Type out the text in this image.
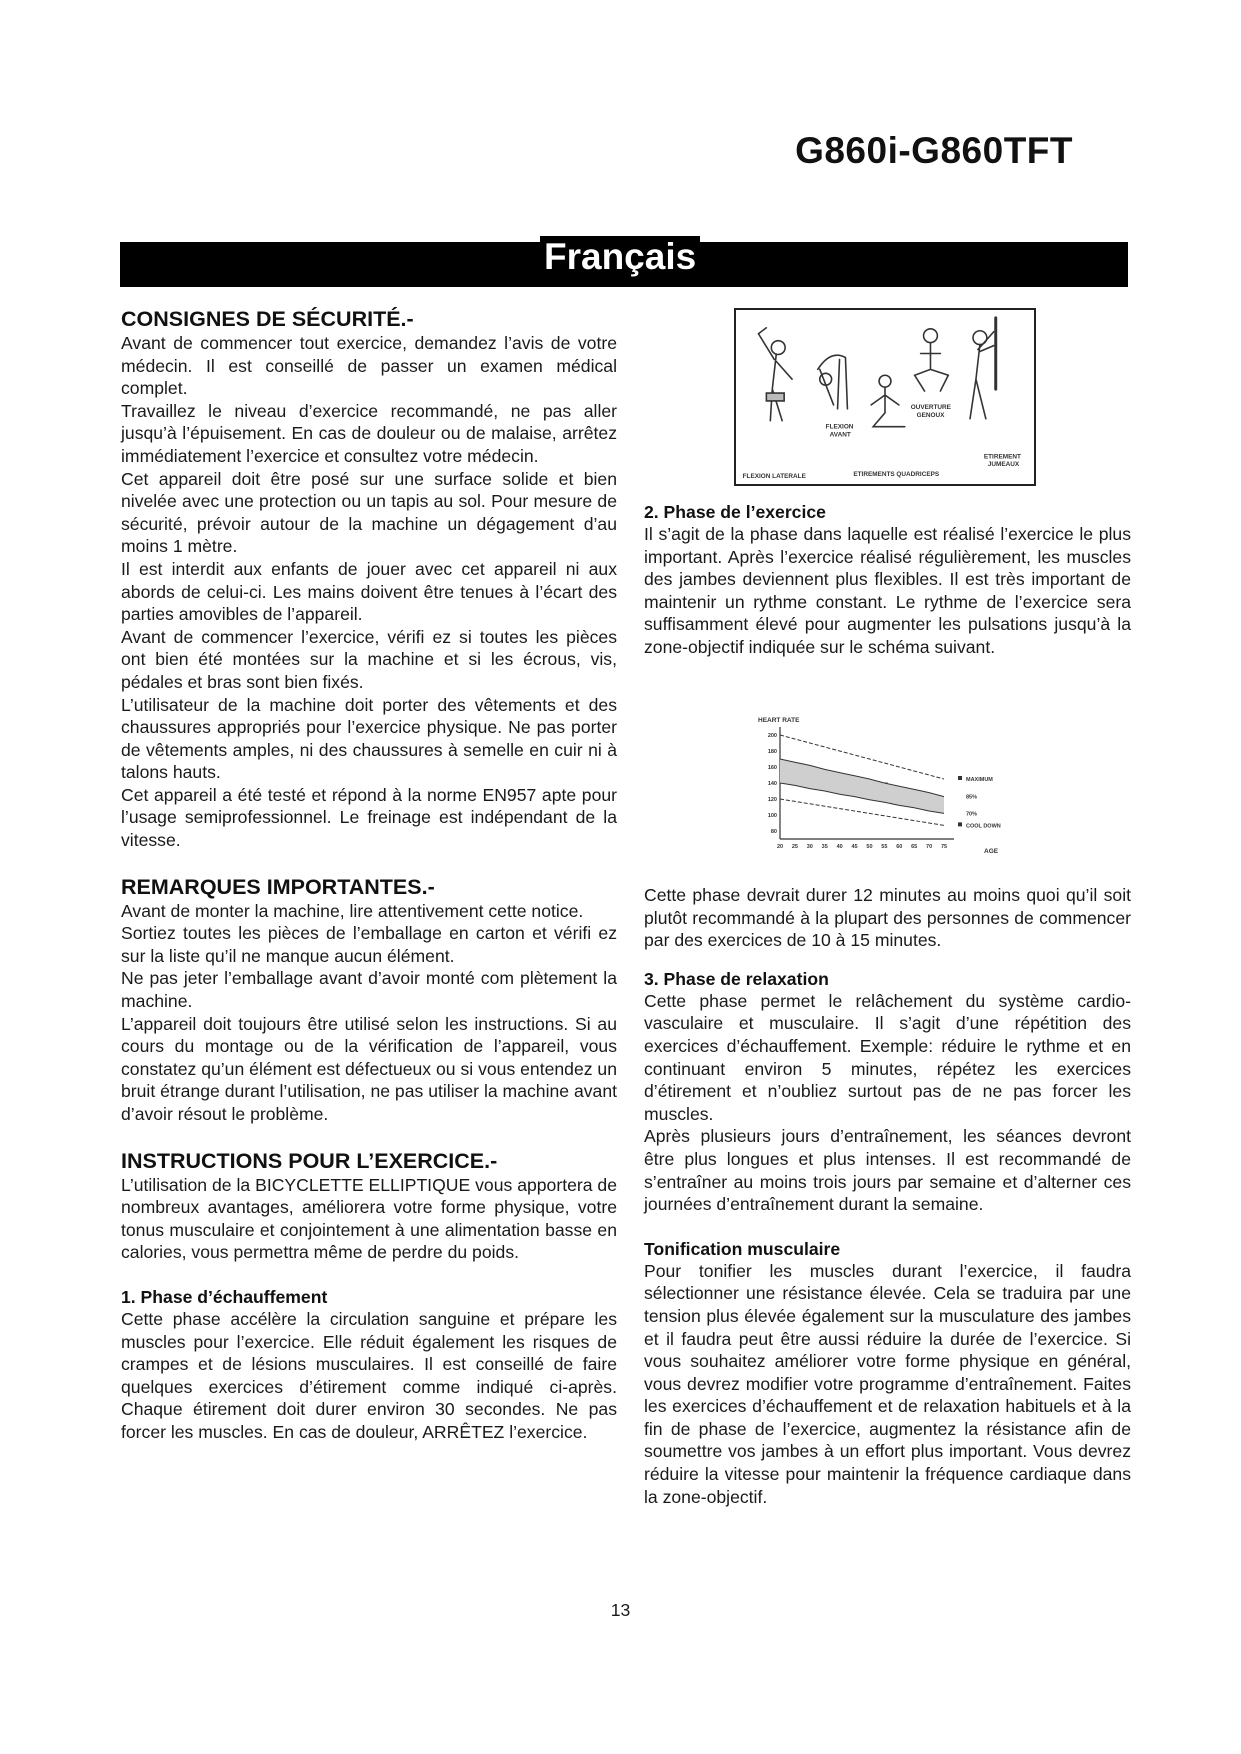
G860i-G860TFT
Français
CONSIGNES DE SÉCURITÉ.-

Avant de commencer tout exercice, demandez l’avis de votre médecin. Il est conseillé de passer un examen médical complet.

Travaillez le niveau d’exercice recommandé, ne pas aller jusqu’à l’épuisement. En cas de douleur ou de malaise, arrêtez immédiatement l’exercice et consultez votre médecin.

Cet appareil doit être posé sur une surface solide et bien nivelée avec une protection ou un tapis au sol. Pour mesure de sécurité, prévoir autour de la machine un dégagement d’au moins 1 mètre.

Il est interdit aux enfants de jouer avec cet appareil ni aux abords de celui-ci. Les mains doivent être tenues à l’écart des parties amovibles de l’appareil.

Avant de commencer l’exercice, vérifi ez si toutes les pièces ont bien été montées sur la machine et si les écrous, vis, pédales et bras sont bien fixés.

L’utilisateur de la machine doit porter des vêtements et des chaussures appropriés pour l’exercice physique. Ne pas porter de vêtements amples, ni des chaussures à semelle en cuir ni à talons hauts.

Cet appareil a été testé et répond à la norme EN957 apte pour l’usage semiprofessionnel. Le freinage est indépendant de la vitesse.

REMARQUES IMPORTANTES.-

Avant de monter la machine, lire attentivement cette notice.

Sortiez toutes les pièces de l’emballage en carton et vérifi ez sur la liste qu’il ne manque aucun élément.

Ne pas jeter l’emballage avant d’avoir monté com plètement la machine.

L’appareil doit toujours être utilisé selon les instructions. Si au cours du montage ou de la vérification de l’appareil, vous constatez qu’un élément est défectueux ou si vous entendez un bruit étrange durant l’utilisation, ne pas utiliser la machine avant d’avoir résout le problème.

INSTRUCTIONS POUR L’EXERCICE.-

L’utilisation de la BICYCLETTE ELLIPTIQUE vous apportera de nombreux avantages, améliorera votre forme physique, votre tonus musculaire et conjointement à une alimentation basse en calories, vous permettra même de perdre du poids.

1. Phase d’échauffement

Cette phase accélère la circulation sanguine et prépare les muscles pour l’exercice. Elle réduit également les risques de crampes et de lésions musculaires. Il est conseillé de faire quelques exercices d’étirement comme indiqué ci-après. Chaque étirement doit durer environ 30 secondes. Ne pas forcer les muscles. En cas de douleur, ARRÊTEZ l’exercice.

FLEXION LATERALE
FLEXION
AVANT
ETIREMENTS QUADRICEPS
OUVERTURE
GENOUX
ETIREMENT
JUMEAUX
2. Phase de l’exercice

Il s’agit de la phase dans laquelle est réalisé l’exercice le plus important. Après l’exercice réalisé régulièrement, les muscles des jambes deviennent plus flexibles. Il est très important de maintenir un rythme constant. Le rythme de l’exercice sera suffisamment élevé pour augmenter les pulsations jusqu’à la zone-objectif indiquée sur le schéma suivant.

HEART RATE
AGE
200
180
160
140
120
100
80
20 25 30 35 40 45 50 55 60 65 70 75
MAXIMUM
85%
70%
COOL DOWN

Cette phase devrait durer 12 minutes au moins quoi qu’il soit plutôt recommandé à la plupart des personnes de commencer par des exercices de 10 à 15 minutes.

3. Phase de relaxation

Cette phase permet le relâchement du système cardio-vasculaire et musculaire. Il s’agit d’une répétition des exercices d’échauffement. Exemple: réduire le rythme et en continuant environ 5 minutes, répétez les exercices d’étirement et n’oubliez surtout pas de ne pas forcer les muscles.

Après plusieurs jours d’entraînement, les séances devront être plus longues et plus intenses. Il est recommandé de s’entraîner au moins trois jours par semaine et d’alterner ces journées d’entraînement durant la semaine.

Tonification musculaire

Pour tonifier les muscles durant l’exercice, il faudra sélectionner une résistance élevée. Cela se traduira par une tension plus élevée également sur la musculature des jambes et il faudra peut être aussi réduire la durée de l’exercice. Si vous souhaitez améliorer votre forme physique en général, vous devrez modifier votre programme d’entraînement. Faites les exercices d’échauffement et de relaxation habituels et à la fin de phase de l’exercice, augmentez la résistance afin de soumettre vos jambes à un effort plus important. Vous devrez réduire la vitesse pour maintenir la fréquence cardiaque dans la zone-objectif.

13
